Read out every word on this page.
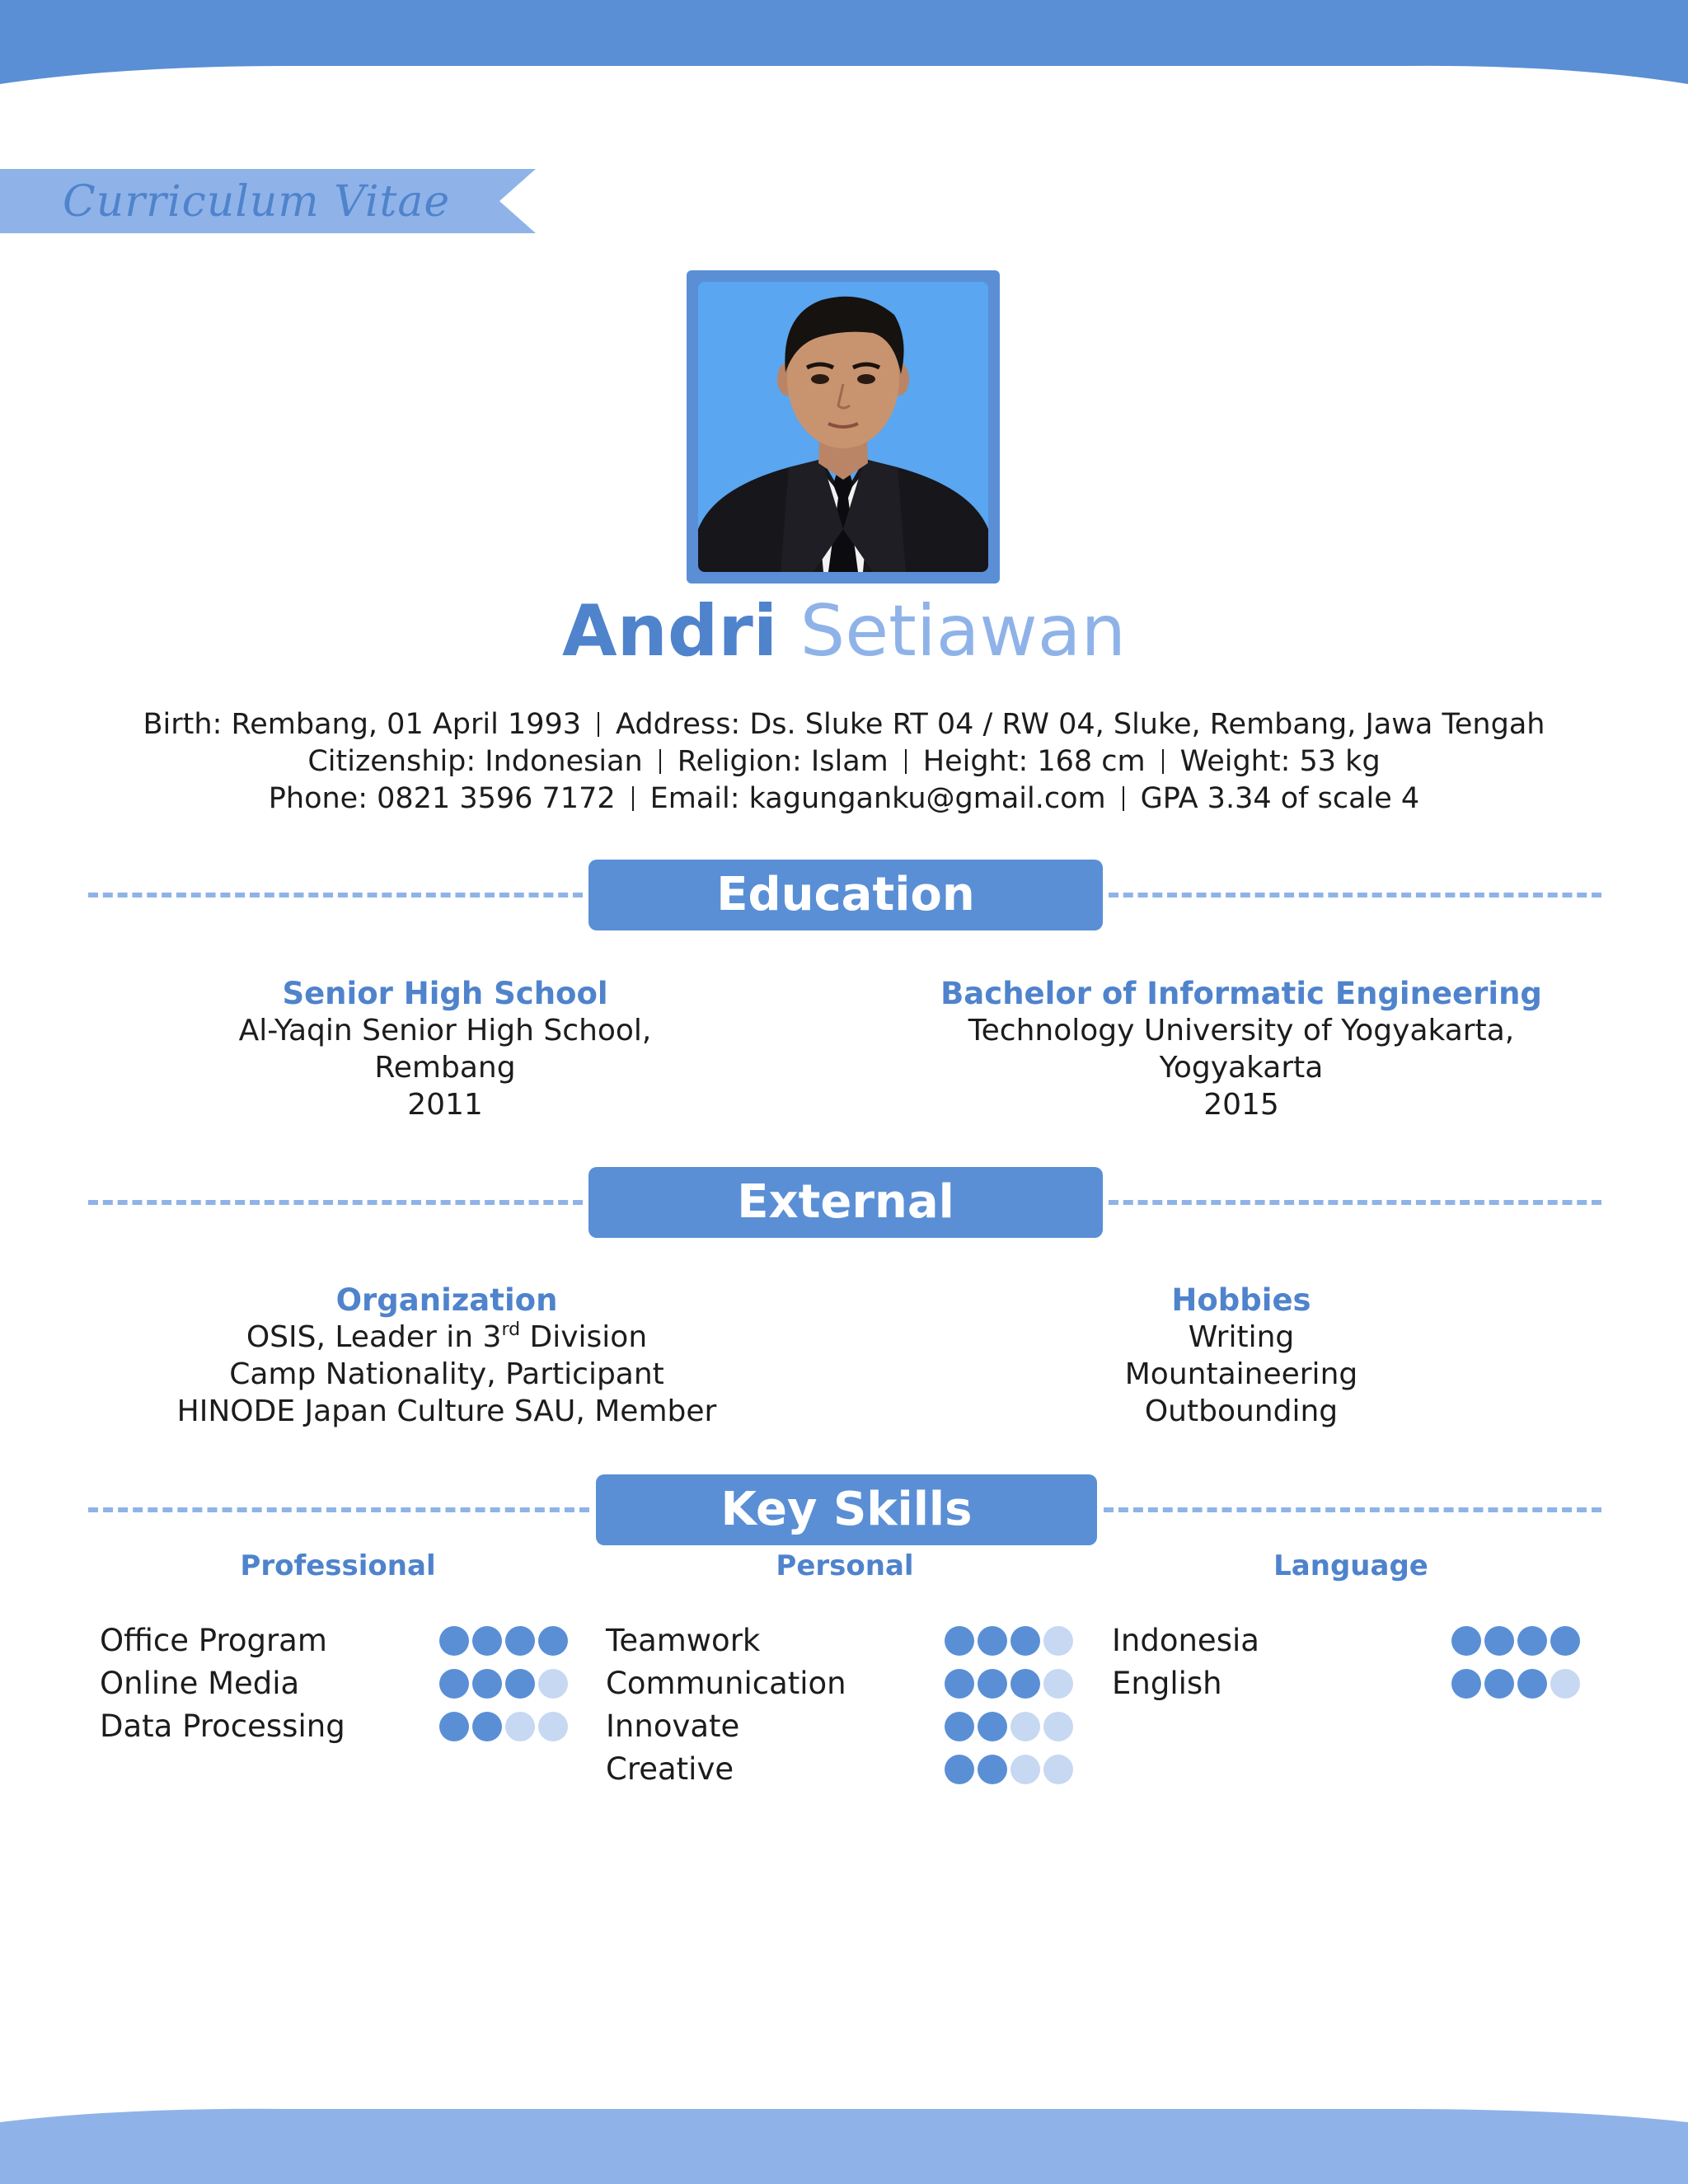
Curriculum Vitae
Andri Setiawan
Birth: Rembang, 01 April 1993 Address: Ds. Sluke RT 04 / RW 04, Sluke, Rembang, Jawa Tengah
Citizenship: Indonesian Religion: Islam Height: 168 cm Weight: 53 kg
Phone: 0821 3596 7172 Email: kagunganku@gmail.com GPA 3.34 of scale 4
Education
Senior High School
Al-Yaqin Senior High School,
Rembang
2011
Bachelor of Informatic Engineering
Technology University of Yogyakarta,
Yogyakarta
2015
External
Organization
OSIS, Leader in 3rd Division
Camp Nationality, Participant
HINODE Japan Culture SAU, Member
Hobbies
Writing
Mountaineering
Outbounding
Key Skills
Professional	Personal	Language
Office Program
Online Media
Data Processing
Teamwork
Communication
Innovate
Creative
Indonesia
English
